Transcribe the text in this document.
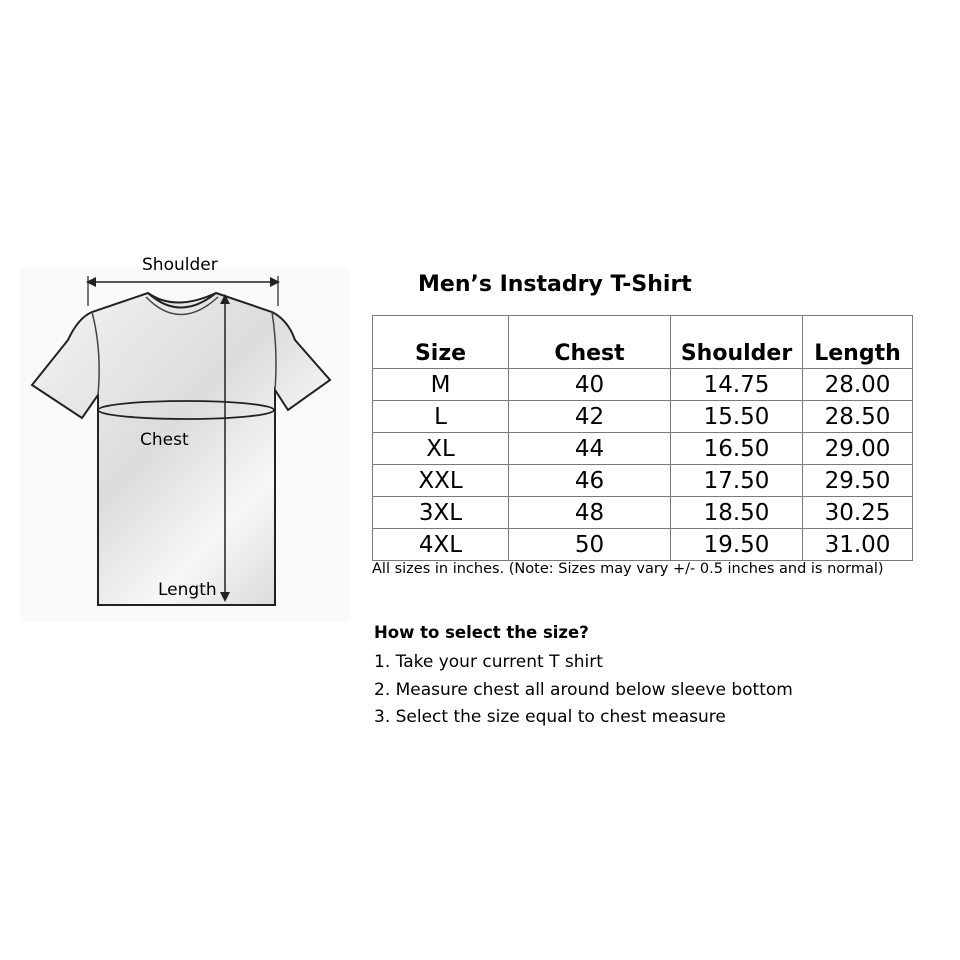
Shoulder
Chest
Length
Men’s Instadry T-Shirt
Size	Chest	Shoulder	Length
M	40	14.75	28.00
L	42	15.50	28.50
XL	44	16.50	29.00
XXL	46	17.50	29.50
3XL	48	18.50	30.25
4XL	50	19.50	31.00
All sizes in inches. (Note: Sizes may vary +/- 0.5 inches and is normal)
How to select the size?
1. Take your current T shirt
2. Measure chest all around below sleeve bottom
3. Select the size equal to chest measure
